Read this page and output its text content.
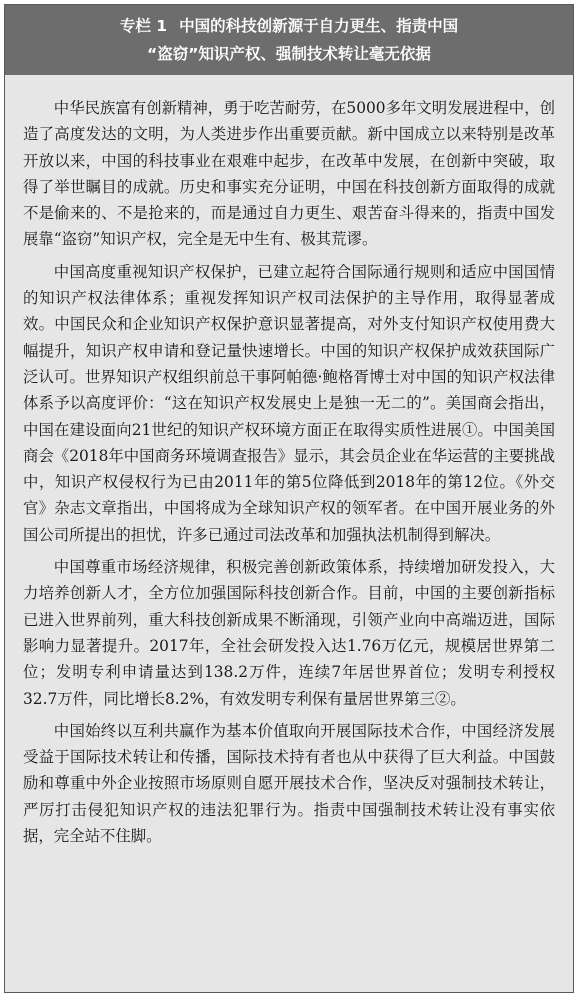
专栏 1 中国的科技创新源于自力更生、指责中国
“盗窃”知识产权、强制技术转让毫无依据

中华民族富有创新精神，勇于吃苦耐劳，在5000多年文明发展进程中，创造了高度发达的文明，为人类进步作出重要贡献。新中国成立以来特别是改革开放以来，中国的科技事业在艰难中起步，在改革中发展，在创新中突破，取得了举世瞩目的成就。历史和事实充分证明，中国在科技创新方面取得的成就不是偷来的、不是抢来的，而是通过自力更生、艰苦奋斗得来的，指责中国发展靠“盗窃”知识产权，完全是无中生有、极其荒谬。

中国高度重视知识产权保护，已建立起符合国际通行规则和适应中国国情的知识产权法律体系；重视发挥知识产权司法保护的主导作用，取得显著成效。中国民众和企业知识产权保护意识显著提高，对外支付知识产权使用费大幅提升，知识产权申请和登记量快速增长。中国的知识产权保护成效获国际广泛认可。世界知识产权组织前总干事阿帕德·鲍格胥博士对中国的知识产权法律体系予以高度评价：“这在知识产权发展史上是独一无二的”。美国商会指出，中国在建设面向21世纪的知识产权环境方面正在取得实质性进展①。中国美国商会《2018年中国商务环境调查报告》显示，其会员企业在华运营的主要挑战中，知识产权侵权行为已由2011年的第5位降低到2018年的第12位。《外交官》杂志文章指出，中国将成为全球知识产权的领军者。在中国开展业务的外国公司所提出的担忧，许多已通过司法改革和加强执法机制得到解决。

中国尊重市场经济规律，积极完善创新政策体系，持续增加研发投入，大力培养创新人才，全方位加强国际科技创新合作。目前，中国的主要创新指标已进入世界前列，重大科技创新成果不断涌现，引领产业向中高端迈进，国际影响力显著提升。2017年，全社会研发投入达1.76万亿元，规模居世界第二位；发明专利申请量达到138.2万件，连续7年居世界首位；发明专利授权32.7万件，同比增长8.2%，有效发明专利保有量居世界第三②。

中国始终以互利共赢作为基本价值取向开展国际技术合作，中国经济发展受益于国际技术转让和传播，国际技术持有者也从中获得了巨大利益。中国鼓励和尊重中外企业按照市场原则自愿开展技术合作，坚决反对强制技术转让，严厉打击侵犯知识产权的违法犯罪行为。指责中国强制技术转让没有事实依据，完全站不住脚。
